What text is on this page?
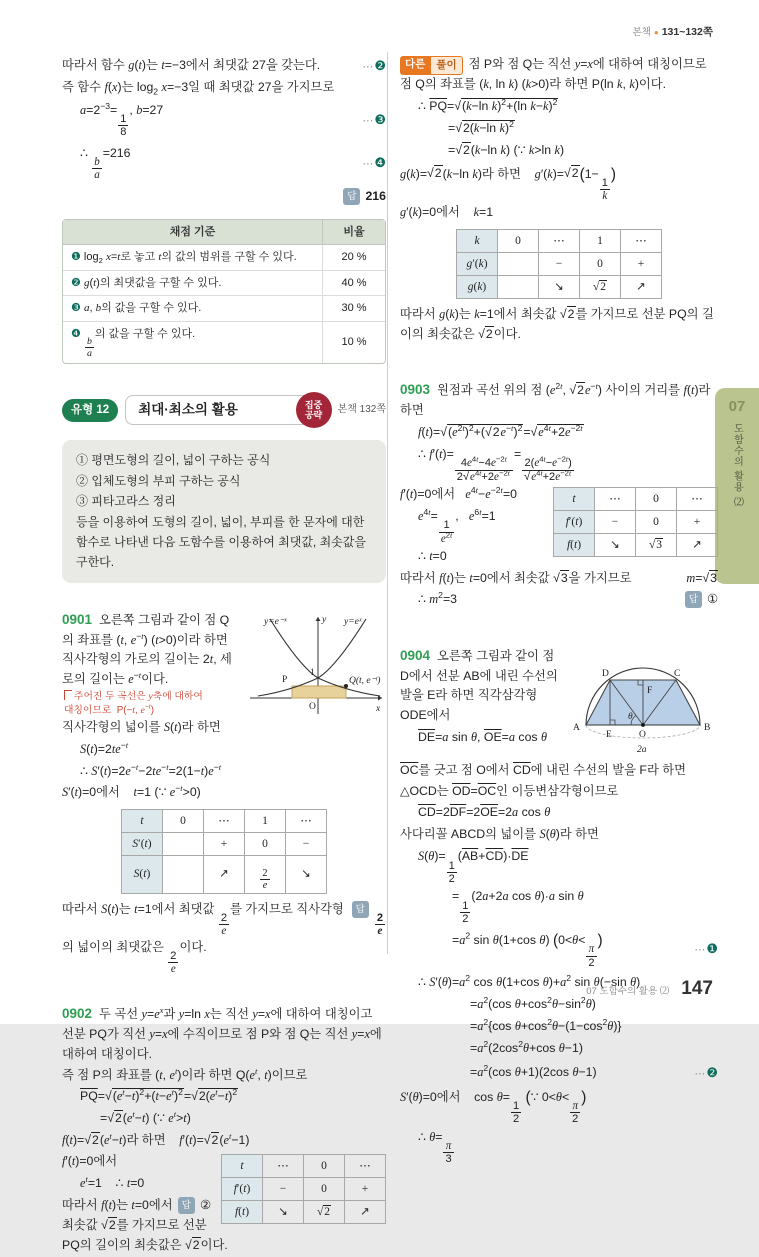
본책 ● 131~132쪽
07
도함수의 활용 ⑵
따라서 함수 g(t)는 t=−3에서 최댓값 27을 갖는다.	⋯❷
즉 함수 f(x)는 $\log_2 x=-3$일 때 최댓값 27을 가지므로
$a=2^{-3}=$
$\frac{1}{8}$
, b=27
⋯❸
∴
$\frac{b}{a}$
=216
⋯❹
답 216
채점 기준	비율
❶ $\log_2 x=t$로 놓고 t의 값의 범위를 구할 수 있다.	20 %
❷ g(t)의 최댓값을 구할 수 있다.	40 %
❸ a, b의 값을 구할 수 있다.	30 %
❹
$\frac{b}{a}$
의 값을 구할 수 있다.	10 %
유형 12	최대·최소의 활용	집중
공략
본책 132쪽
① 평면도형의 길이, 넓이 구하는 공식
② 입체도형의 부피 구하는 공식
③ 피타고라스 정리
등을 이용하여 도형의 길이, 넓이, 부피를 한 문자에 대한 함수로 나타낸 다음 도함수를 이용하여 최댓값, 최솟값을 구한다.
y=e⁻ˣ	y=eˣ
y
1
P	Q(t, e⁻ᵗ)
O	x
0901 오른쪽 그림과 같이 점 Q의 좌표를 (t, $e^{-t}$) (t>0)이라 하면 직사각형의 가로의 길이는 2t, 세로의 길이는 $e^{-t}$이다. 주어진 두 곡선은 y축에 대하여
대칭이므로  P(−t, $e^{-t}$)
직사각형의 넓이를 S(t)라 하면
$S(t)=2te^{-t}$
∴ $S'(t)=2e^{-t}-2te^{-t}=2(1-t)e^{-t}$
S′(t)=0에서    t=1 (∵ $e^{-t}>0$)
t	0	⋯	1	⋯
S′(t)		+	0	−
S(t)		↗	$\frac{2}{e}$	↘
답
$\frac{2}{e}$
따라서 S(t)는 t=1에서 최댓값
$\frac{2}{e}$
를 가지므로 직사각형의 넓이의 최댓값은
$\frac{2}{e}$
이다.
0902 두 곡선 $y=e^x$과 y=ln x는 직선 y=x에 대하여 대칭이고 선분 PQ가 직선 y=x에 수직이므로 점 P와 점 Q는 직선 y=x에 대하여 대칭이다.
즉 점 P의 좌표를 (t, $e^t$)이라 하면 $Q(e^t$, t)이므로
$\overline{PQ}=$ √ $(e^t-t)^2+(t-e^t)^2=$ √ $2(e^t-t)^2$
= √ $2(e^t-t)$ (∵ $e^t>t$)
f(t)= √ $2(e^t-t)$라 하면    f′(t)= √ $2(e^t-1)$
t	⋯	0	⋯
f′(t)	−	0	+
f(t)	↘	√ 2	↗
f′(t)=0에서
$e^t=1$    ∴ t=0
답 ②
따라서 f(t)는 t=0에서 최솟값 √ 2를 가지므로 선분 PQ의 길이의 최솟값은 √ 2이다.
다른	풀이 점 P와 점 Q는 직선 y=x에 대하여 대칭이므로 점 Q의 좌표를 (k, ln k) (k>0)라 하면 P(ln k, k)이다.
∴ $\overline{PQ}=$ √ (k−ln k)$^2$+(ln k−k)$^2$
= √ 2(k−ln k)$^2$
= √ 2(k−ln k) (∵ k>ln k)
g(k)= √ 2(k−ln k)라 하면    g′(k)= √ 2(1−
$\frac{1}{k}$
)
g′(k)=0에서    k=1
k	0	⋯	1	⋯
g′(k)		−	0	+
g(k)		↘	√ 2	↗
따라서 g(k)는 k=1에서 최솟값 √ 2를 가지므로 선분 PQ의 길이의 최솟값은 √ 2이다.
0903 원점과 곡선 위의 점 ($e^{2t}$, √ $2e^{-t}$) 사이의 거리를 f(t)라 하면
f(t)= √ $(e^{2t})^2+$( √ $2e^{-t})^2=$ √ $e^{4t}+2e^{-2t}$
∴ f′(t)=
$\frac{4e^{4t}-4e^{-2t}}{2 √ e^{4t}+2e^{-2t}}$
=
$2(e^{4t}-e^{-2t})$
√ $e^{4t}+2e^{-2t}$
t	⋯	0	⋯
f′(t)	−	0	+
f(t)	↘	√ 3	↗
f′(t)=0에서   $e^{4t}-e^{-2t}=0$
$e^{4t}=$
$\frac{1}{e^{2t}}$
,   $e^{6t}=1$
∴ t=0
따라서 f(t)는 t=0에서 최솟값 √ 3을 가지므로	m= √ 3
답 ①
∴ $m^2=3$
D	C
F
A	B
E	O
θ
2a
0904 오른쪽 그림과 같이 점 D에서 선분 AB에 내린 수선의 발을 E라 하면 직각삼각형 ODE에서
$\overline{DE}=a$ sin θ, $\overline{OE}=a$ cos θ
$\overline{OC}$를 긋고 점 O에서 $\overline{CD}$에 내린 수선의 발을 F라 하면
△OCD는 $\overline{OD}=\overline{OC}$인 이등변삼각형이므로
$\overline{CD}=2\overline{DF}=2\overline{OE}=2a$ cos θ
사다리꼴 ABCD의 넓이를 S(θ)라 하면
S(θ)=
$\frac{1}{2}$
$(\overline{AB}+\overline{CD})\cdot\overline{DE}$
=
$\frac{1}{2}$
(2a+2a cos θ)·a sin θ
$=a^2$ sin θ(1+cos θ) (0<θ<
$\frac{\pi}{2}$
)
⋯❶
∴ $S'(\theta)=a^2$ cos θ(1+cos $\theta)+a^2$ sin θ(−sin θ)
$=a^2(\cos$ $\theta+\cos^2\theta-\sin^2\theta$)
$=a^2\{\cos$ $\theta+\cos^2\theta-(1-\cos^2\theta)$}
$=a^2(2\cos^2\theta+\cos$ θ−1)
$=a^2(\cos$ θ+1)(2cos θ−1)	⋯❷
S′(θ)=0에서    cos θ=
$\frac{1}{2}$
(∵ 0<θ<
$\frac{\pi}{2}$
)
∴ θ=
$\frac{\pi}{3}$
07 도함수의 활용 ⑵ 147
